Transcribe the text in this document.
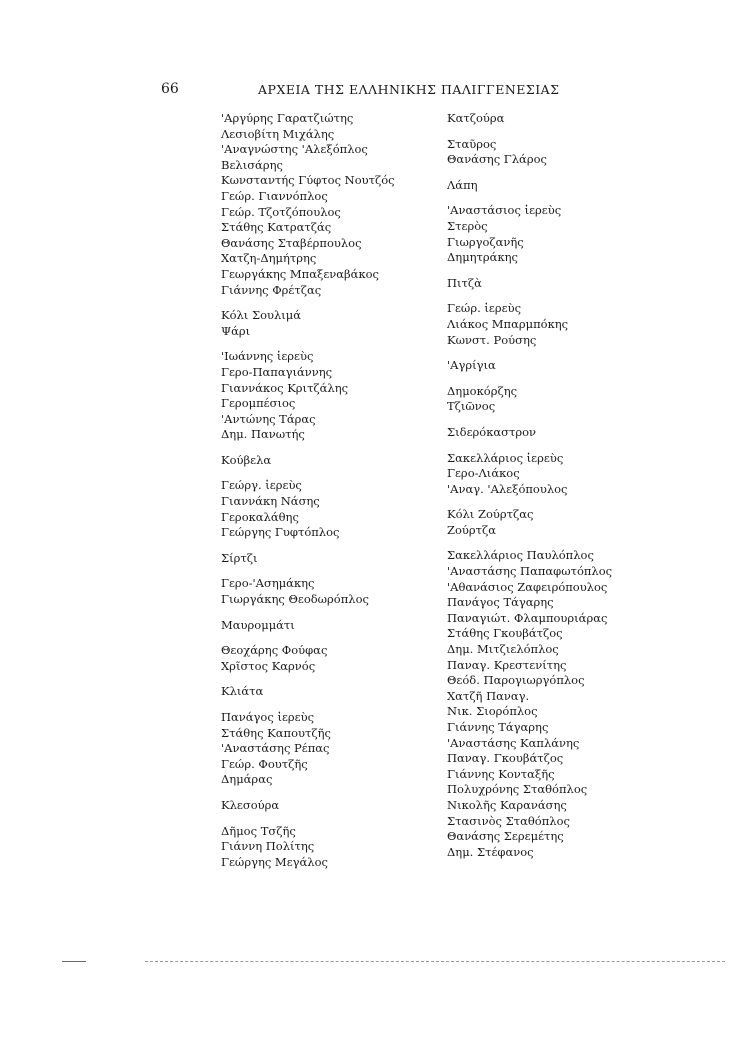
66	ΑΡΧΕΙΑ ΤΗΣ ΕΛΛΗΝΙΚΗΣ ΠΑΛΙΓΓΕΝΕΣΙΑΣ
'Αργύρης Γαρατζιώτης
Λεσιοβίτη Μιχάλης
'Αναγνώστης 'Αλεξόπλος
Βελισάρης
Κωνσταντής Γύφτος Νουτζός
Γεώρ. Γιαννόπλος
Γεώρ. Τζοτζόπουλος
Στάθης Κατρατζάς
Θανάσης Σταβέρπουλος
Χατζη-Δημήτρης
Γεωργάκης Μπαξεναβάκος
Γιάννης Φρέτζας
Κόλι Σουλιμά
Ψάρι
'Ιωάννης ἱερεὺς
Γερο-Παπαγιάννης
Γιαννάκος Κριτζάλης
Γερομπέσιος
'Αντώνης Τάρας
Δημ. Πανωτής
Κούβελα
Γεώργ. ἱερεὺς
Γιαννάκη Νάσης
Γεροκαλάθης
Γεώργης Γυφτόπλος
Σίρτζι
Γερο-'Ασημάκης
Γιωργάκης Θεοδωρόπλος
Μαυρομμάτι
Θεοχάρης Φούφας
Χρῖστος Καρνός
Κλιάτα
Πανάγος ἱερεὺς
Στάθης Καπουτζῆς
'Αναστάσης Ρέπας
Γεώρ. Φουτζῆς
Δημάρας
Κλεσούρα
Δῆμος Τσζῆς
Γιάννη Πολίτης
Γεώργης Μεγάλος
Κατζούρα
Σταῦρος
Θανάσης Γλάρος
Λάπη
'Αναστάσιος ἱερεὺς
Στερὸς
Γιωργοζανῆς
Δημητράκης
Πιτζὰ
Γεώρ. ἱερεὺς
Λιάκος Μπαρμπόκης
Κωνστ. Ρούσης
'Αγρίγια
Δημοκόρζης
Τζιῶνος
Σιδερόκαστρον
Σακελλάριος ἱερεὺς
Γερο-Λιάκος
'Αναγ. 'Αλεξόπουλος
Κόλι Ζούρτζας
Ζούρτζα
Σακελλάριος Παυλόπλος
'Αναστάσης Παπαφωτόπλος
'Αθανάσιος Ζαφειρόπουλος
Πανάγος Τάγαρης
Παναγιώτ. Φλαμπουριάρας
Στάθης Γκουβάτζος
Δημ. Μιτζιελόπλος
Παναγ. Κρεστενίτης
Θεόδ. Παρογιωργόπλος
Χατζῆ Παναγ.
Νικ. Σιορόπλος
Γιάννης Τάγαρης
'Αναστάσης Καπλάνης
Παναγ. Γκουβάτζος
Γιάννης Κονταξῆς
Πολυχρόνης Σταθόπλος
Νικολῆς Καρανάσης
Στασινὸς Σταθόπλος
Θανάσης Σερεμέτης
Δημ. Στέφανος
